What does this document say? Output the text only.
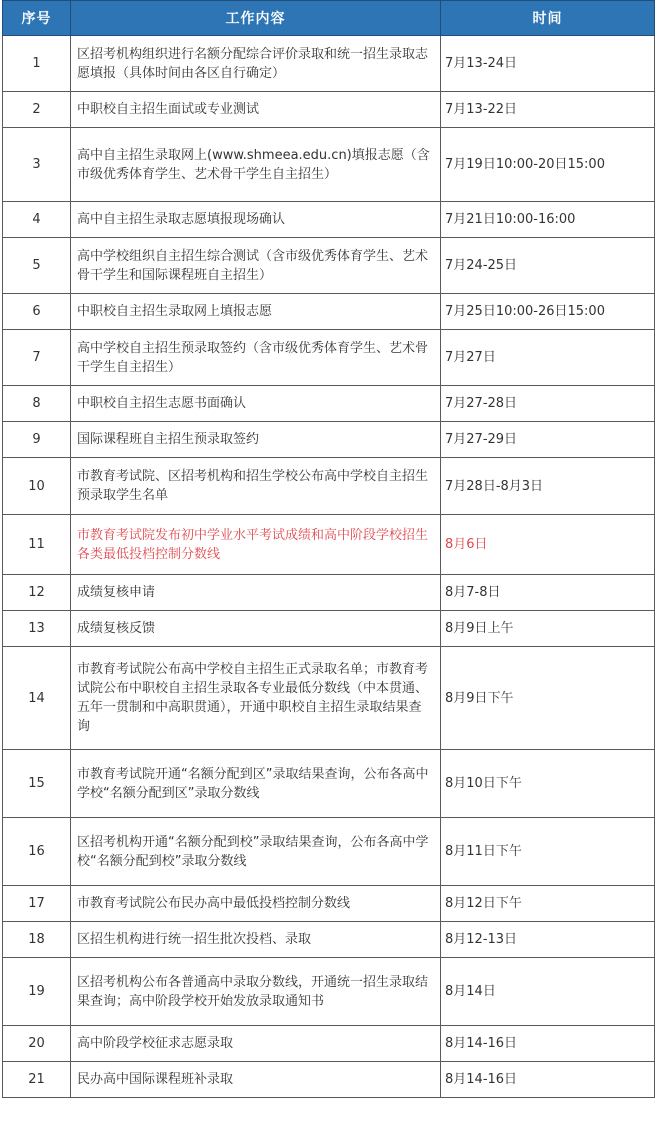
序号	工作内容	时间
1	区招考机构组织进行名额分配综合评价录取和统一招生录取志愿填报（具体时间由各区自行确定）	7月13-24日
2	中职校自主招生面试或专业测试	7月13-22日
3	高中自主招生录取网上(www.shmeea.edu.cn)填报志愿（含市级优秀体育学生、艺术骨干学生自主招生）	7月19日10:00-20日15:00
4	高中自主招生录取志愿填报现场确认	7月21日10:00-16:00
5	高中学校组织自主招生综合测试（含市级优秀体育学生、艺术骨干学生和国际课程班自主招生）	7月24-25日
6	中职校自主招生录取网上填报志愿	7月25日10:00-26日15:00
7	高中学校自主招生预录取签约（含市级优秀体育学生、艺术骨干学生自主招生）	7月27日
8	中职校自主招生志愿书面确认	7月27-28日
9	国际课程班自主招生预录取签约	7月27-29日
10	市教育考试院、区招考机构和招生学校公布高中学校自主招生预录取学生名单	7月28日-8月3日
11	市教育考试院发布初中学业水平考试成绩和高中阶段学校招生各类最低投档控制分数线	8月6日
12	成绩复核申请	8月7-8日
13	成绩复核反馈	8月9日上午
14	市教育考试院公布高中学校自主招生正式录取名单；市教育考试院公布中职校自主招生录取各专业最低分数线（中本贯通、五年一贯制和中高职贯通），开通中职校自主招生录取结果查询	8月9日下午
15	市教育考试院开通“名额分配到区”录取结果查询，公布各高中学校“名额分配到区”录取分数线	8月10日下午
16	区招考机构开通“名额分配到校”录取结果查询，公布各高中学校“名额分配到校”录取分数线	8月11日下午
17	市教育考试院公布民办高中最低投档控制分数线	8月12日下午
18	区招生机构进行统一招生批次投档、录取	8月12-13日
19	区招考机构公布各普通高中录取分数线，开通统一招生录取结果查询；高中阶段学校开始发放录取通知书	8月14日
20	高中阶段学校征求志愿录取	8月14-16日
21	民办高中国际课程班补录取	8月14-16日
